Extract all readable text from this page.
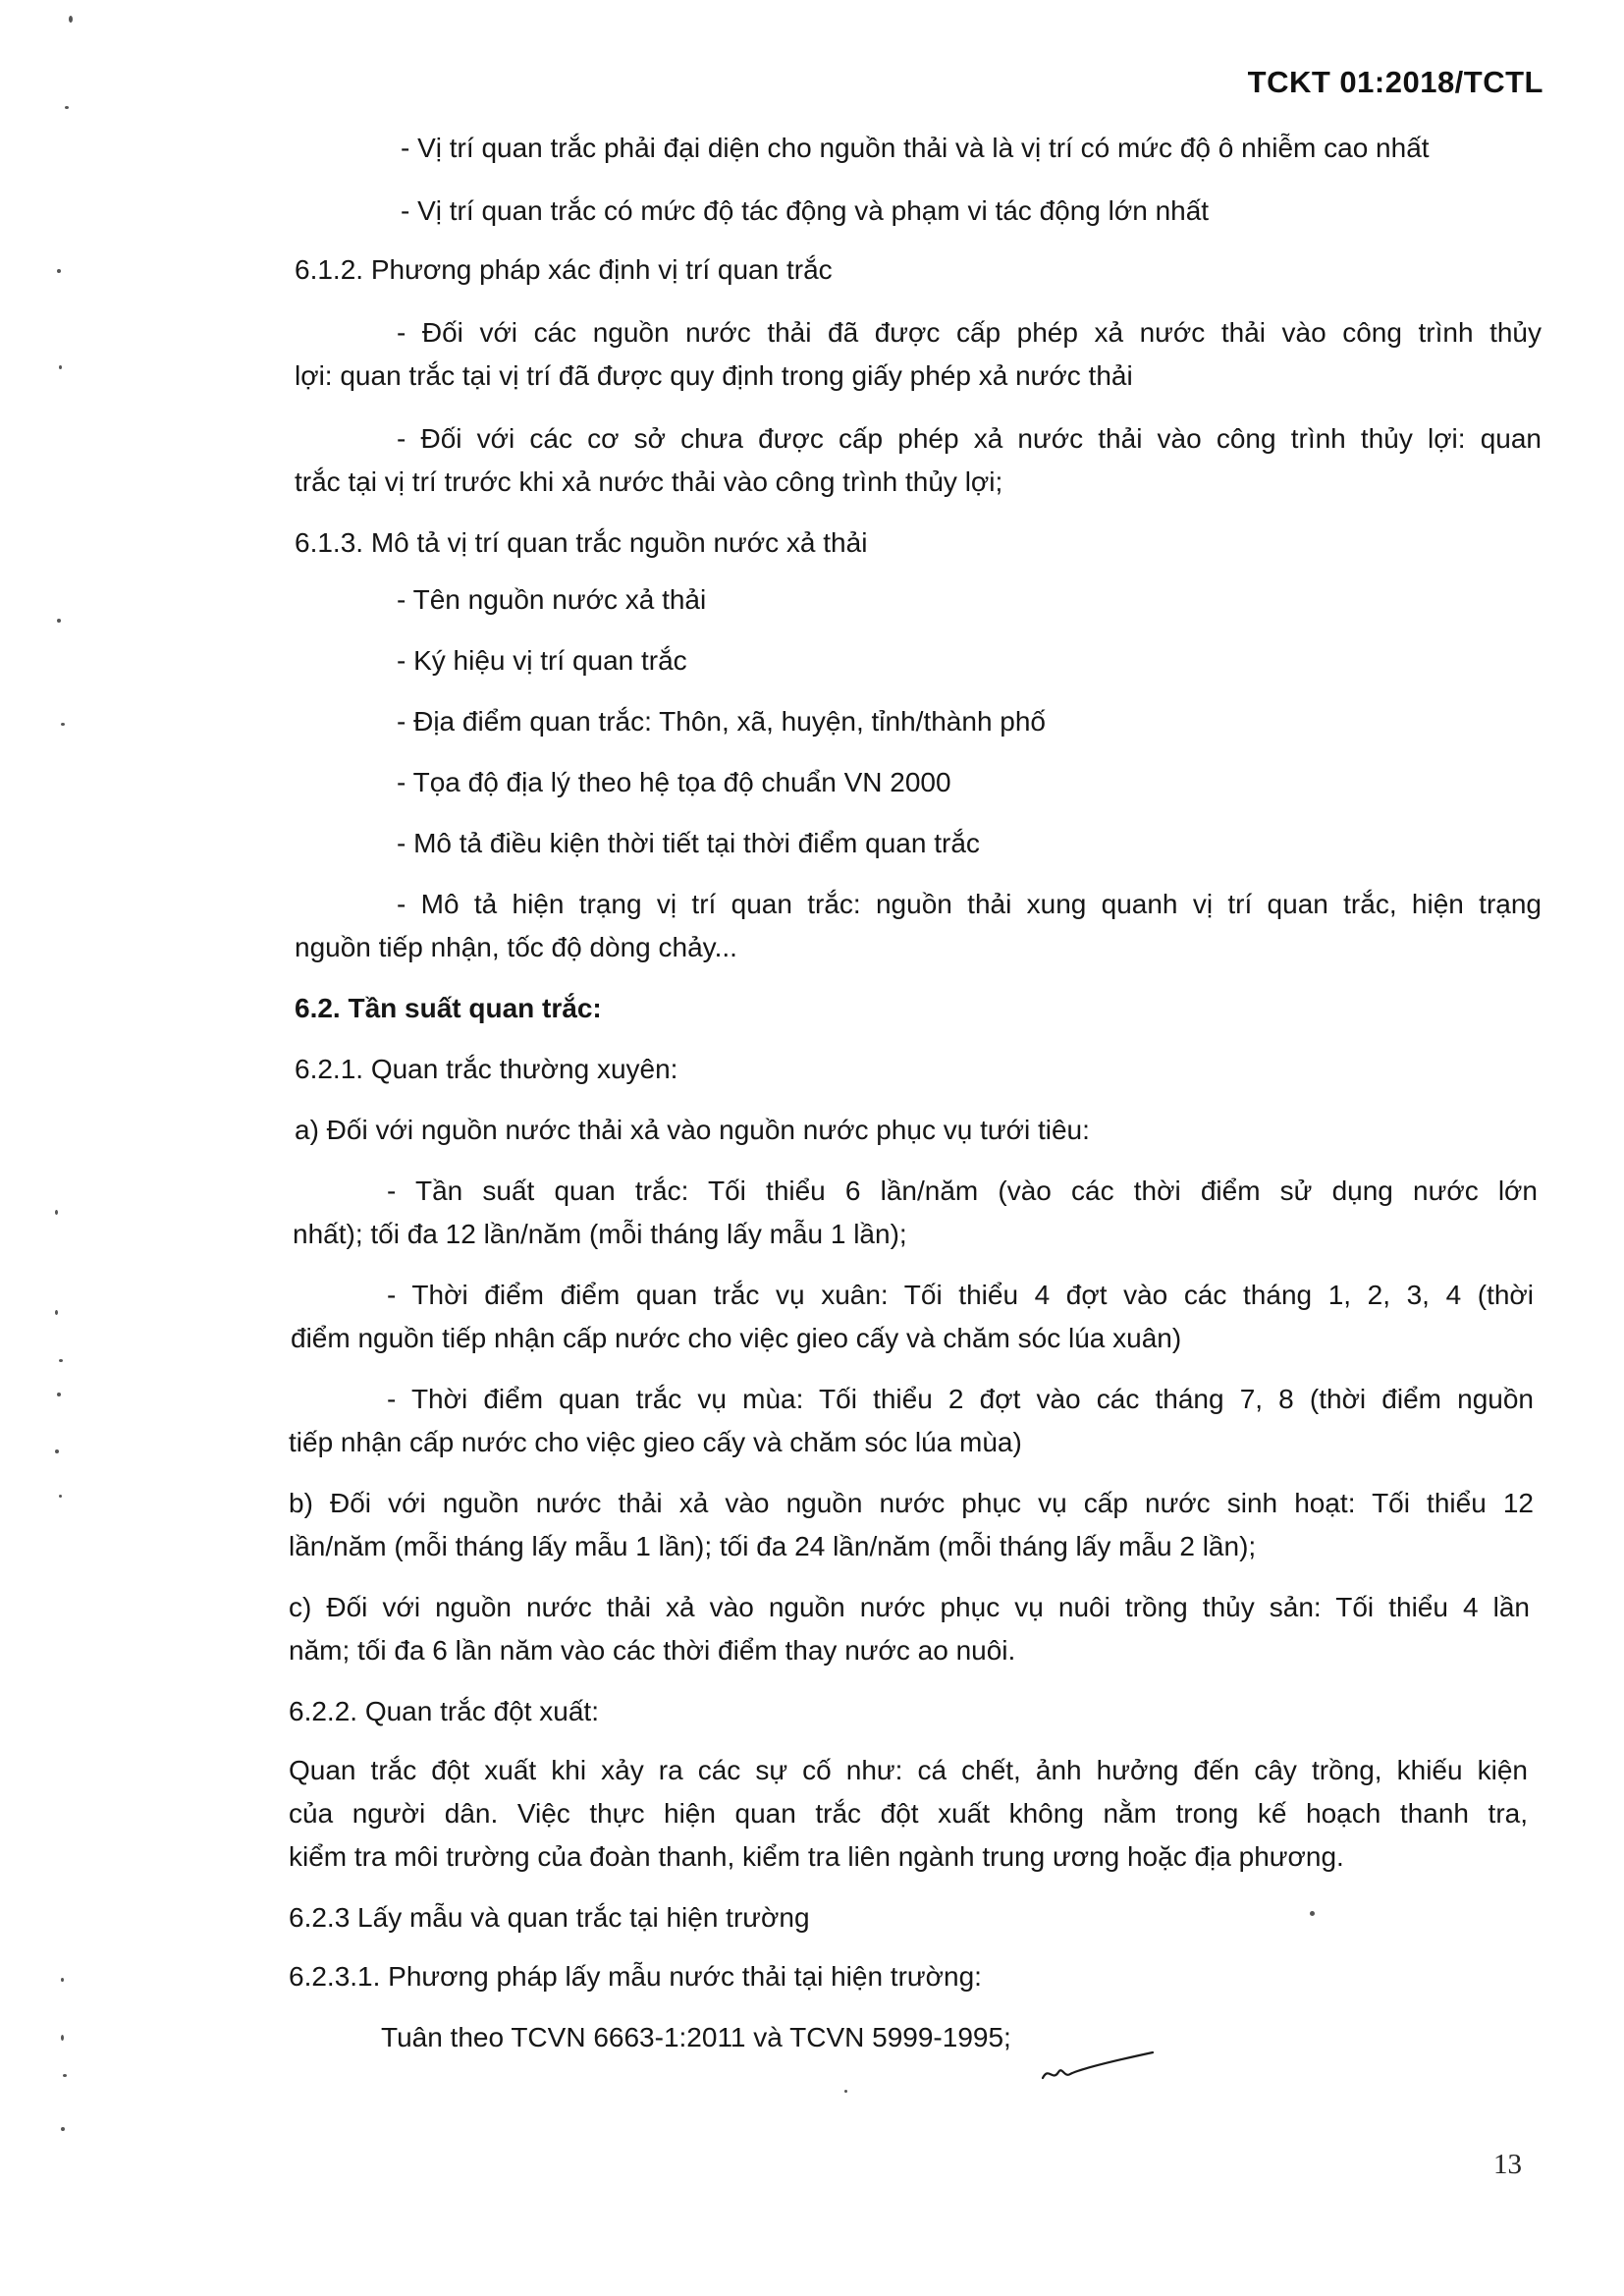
TCKT 01:2018/TCTL
- Vị trí quan trắc phải đại diện cho nguồn thải và là vị trí có mức độ ô nhiễm cao nhất
- Vị trí quan trắc có mức độ tác động và phạm vi tác động lớn nhất
6.1.2. Phương pháp xác định vị trí quan trắc
- Đối với các nguồn nước thải đã được cấp phép xả nước thải vào công trình thủy
lợi: quan trắc tại vị trí đã được quy định trong giấy phép xả nước thải
- Đối với các cơ sở chưa được cấp phép xả nước thải vào công trình thủy lợi: quan
trắc tại vị trí trước khi xả nước thải vào công trình thủy lợi;
6.1.3. Mô tả vị trí quan trắc nguồn nước xả thải
- Tên nguồn nước xả thải
- Ký hiệu vị trí quan trắc
- Địa điểm quan trắc: Thôn, xã, huyện, tỉnh/thành phố
- Tọa độ địa lý theo hệ tọa độ chuẩn VN 2000
- Mô tả điều kiện thời tiết tại thời điểm quan trắc
- Mô tả hiện trạng vị trí quan trắc: nguồn thải xung quanh vị trí quan trắc, hiện trạng
nguồn tiếp nhận, tốc độ dòng chảy...
6.2. Tần suất quan trắc:
6.2.1. Quan trắc thường xuyên:
a) Đối với nguồn nước thải xả vào nguồn nước phục vụ tưới tiêu:
- Tần suất quan trắc: Tối thiểu 6 lần/năm (vào các thời điểm sử dụng nước lớn
nhất); tối đa 12 lần/năm (mỗi tháng lấy mẫu 1 lần);
- Thời điểm điểm quan trắc vụ xuân: Tối thiểu 4 đợt vào các tháng 1, 2, 3, 4 (thời
điểm nguồn tiếp nhận cấp nước cho việc gieo cấy và chăm sóc lúa xuân)
- Thời điểm quan trắc vụ mùa: Tối thiểu 2 đợt vào các tháng 7, 8 (thời điểm nguồn
tiếp nhận cấp nước cho việc gieo cấy và chăm sóc lúa mùa)
b) Đối với nguồn nước thải xả vào nguồn nước phục vụ cấp nước sinh hoạt: Tối thiểu 12
lần/năm (mỗi tháng lấy mẫu 1 lần); tối đa 24 lần/năm (mỗi tháng lấy mẫu 2 lần);
c) Đối với nguồn nước thải xả vào nguồn nước phục vụ nuôi trồng thủy sản: Tối thiểu 4 lần
năm; tối đa 6 lần năm vào các thời điểm thay nước ao nuôi.
6.2.2. Quan trắc đột xuất:
Quan trắc đột xuất khi xảy ra các sự cố như: cá chết, ảnh hưởng đến cây trồng, khiếu kiện
của người dân. Việc thực hiện quan trắc đột xuất không nằm trong kế hoạch thanh tra,
kiểm tra môi trường của đoàn thanh, kiểm tra liên ngành trung ương hoặc địa phương.
6.2.3 Lấy mẫu và quan trắc tại hiện trường
6.2.3.1. Phương pháp lấy mẫu nước thải tại hiện trường:
Tuân theo TCVN 6663-1:2011 và TCVN 5999-1995;
13
